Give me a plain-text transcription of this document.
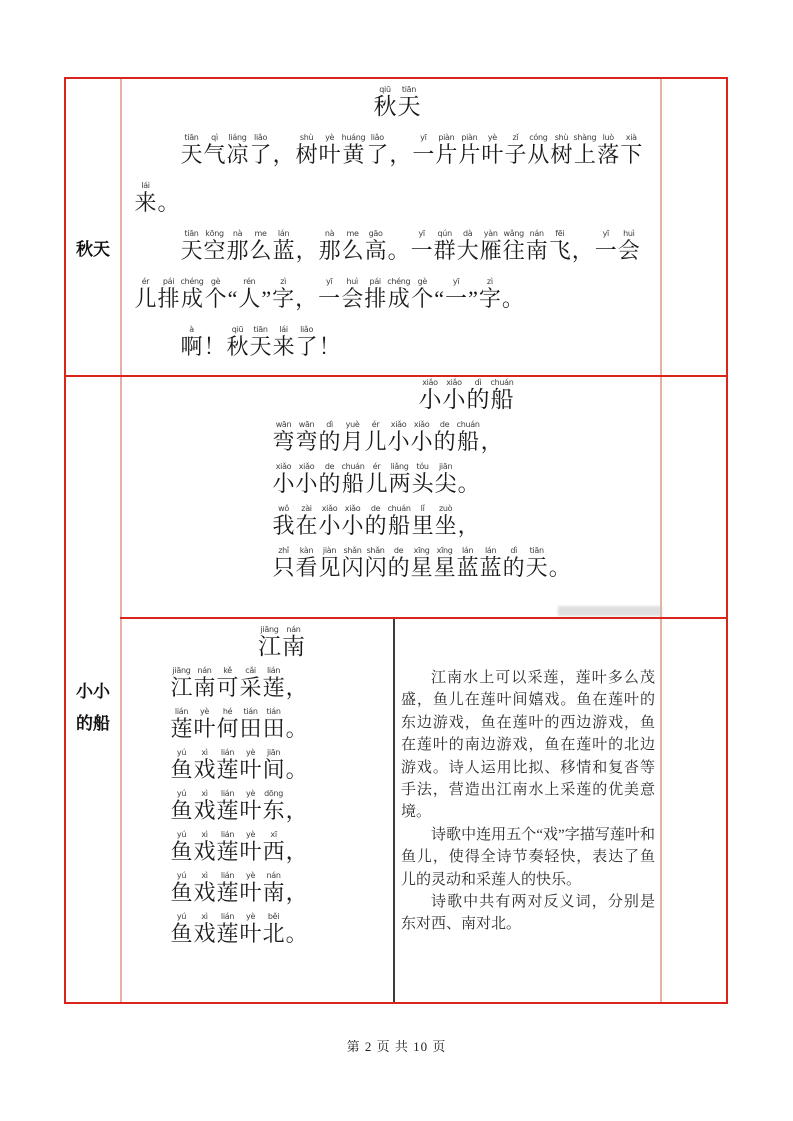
秋天
小小
的船
秋qiū天tiān
天tiān气qì凉liáng了liǎo，树shù叶yè黄huáng了liǎo，一yī片piàn片piàn叶yè子zǐ从cóng树shù上shàng落luò下xià
来lái。
天tiān空kōng那nà么me蓝lán，那nà么me高gāo。一yī群qún大dà雁yàn往wǎng南nán飞fēi，一yī会huì
儿ér排pái成chéng个gè“人rén”字zì，一yī会huì排pái成chéng个gè“一yī”字zì。
啊à！秋qiū天tiān来lái了liǎo！
小xiǎo小xiǎo的dì船chuán
弯wān弯wān的dì月yuè儿ér小xiǎo小xiǎo的de船chuán，
小xiǎo小xiǎo的de船chuán儿ér两liǎng头tóu尖jiān。
我wǒ在zài小xiǎo小xiǎo的de船chuán里lǐ坐zuò，
只zhǐ看kàn见jiàn闪shǎn闪shǎn的de星xīng星xīng蓝lán蓝lán的dì天tiān。
江jiāng南nán
江jiāng南nán可kě采cǎi莲lián，
莲lián叶yè何hé田tián田tián。
鱼yú戏xì莲lián叶yè间jiān。
鱼yú戏xì莲lián叶yè东dōng，
鱼yú戏xì莲lián叶yè西xī，
鱼yú戏xì莲lián叶yè南nán，
鱼yú戏xì莲lián叶yè北běi。

江南水上可以采莲，莲叶多么茂盛，鱼儿在莲叶间嬉戏。鱼在莲叶的东边游戏，鱼在莲叶的西边游戏，鱼在莲叶的南边游戏，鱼在莲叶的北边游戏。诗人运用比拟、移情和复沓等手法，营造出江南水上采莲的优美意境。

诗歌中连用五个“戏”字描写莲叶和鱼儿，使得全诗节奏轻快，表达了鱼儿的灵动和采莲人的快乐。

诗歌中共有两对反义词，分别是东对西、南对北。

第 2 页 共 10 页
